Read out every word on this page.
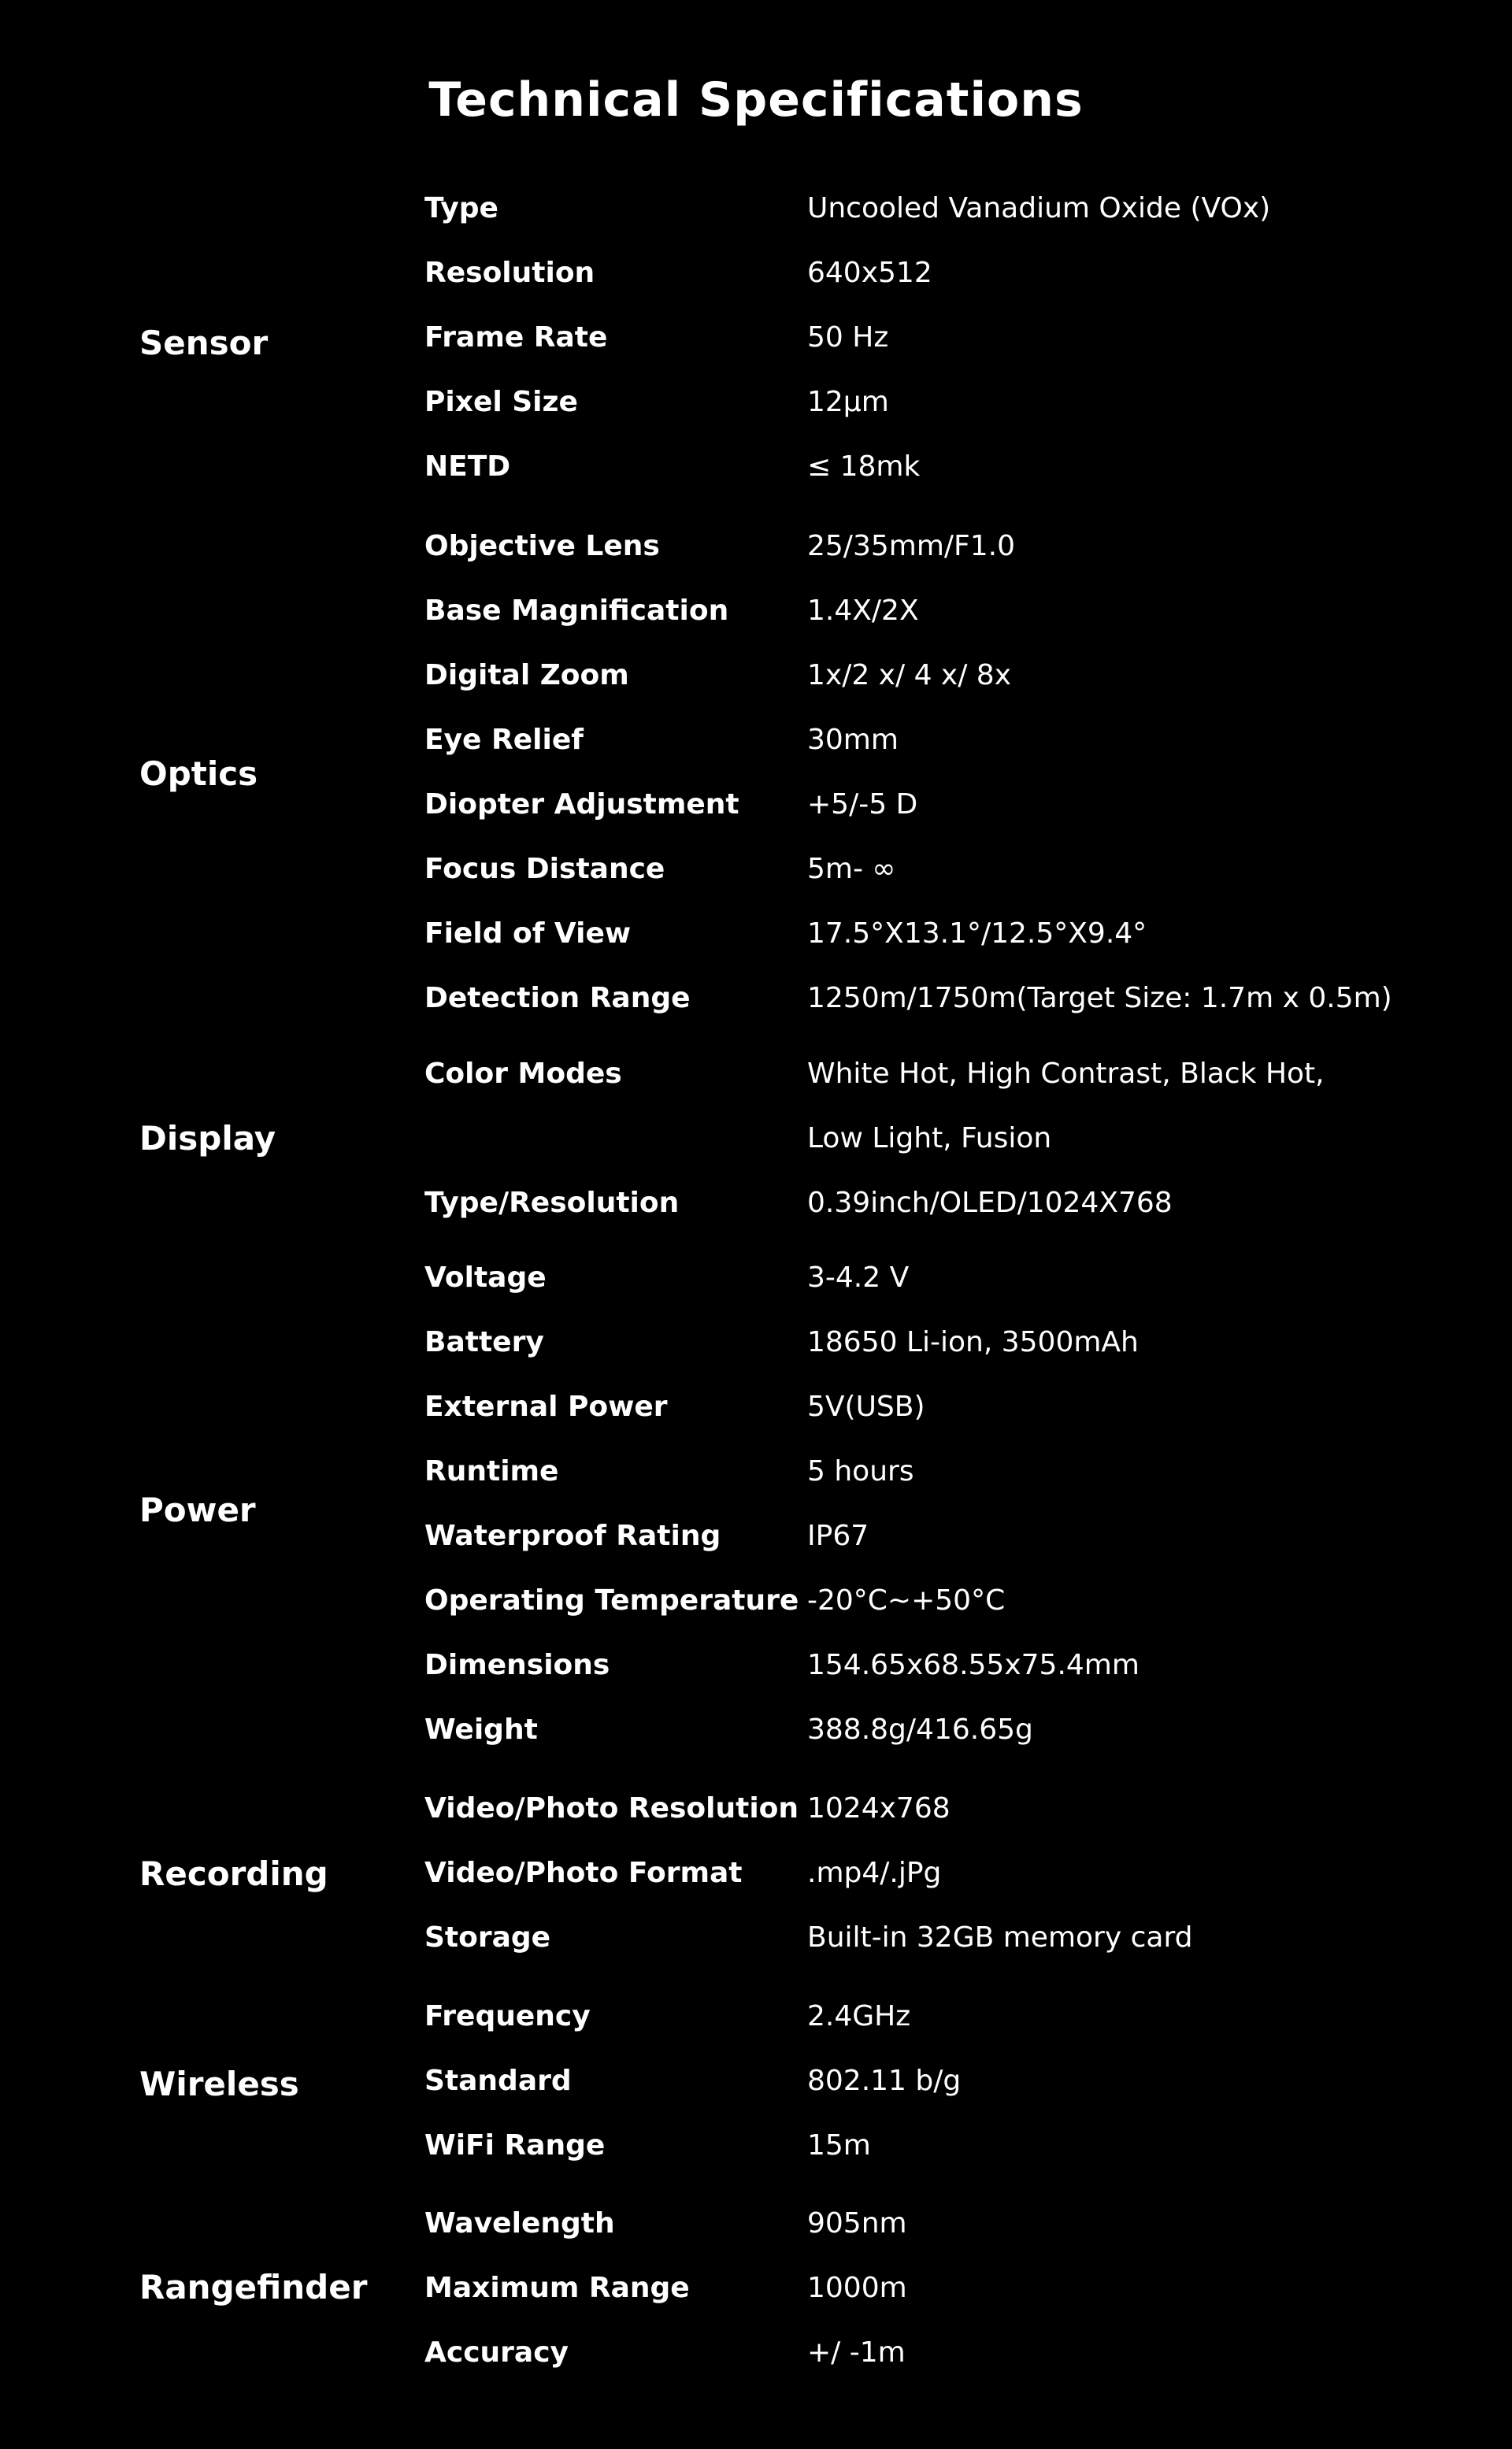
Technical Specifications
Sensor
Type	Uncooled Vanadium Oxide (VOx)
Resolution	640x512
Frame Rate	50 Hz
Pixel Size	12μm
NETD	≤ 18mk
Optics
Objective Lens	25/35mm/F1.0
Base Magnification	1.4X/2X
Digital Zoom	1x/2 x/ 4 x/ 8x
Eye Relief	30mm
Diopter Adjustment +5/-5 D
Focus Distance	5m- ∞
Field of View	17.5°X13.1°/12.5°X9.4°
Detection Range	1250m/1750m(Target Size: 1.7m x 0.5m)
Display
Color Modes	White Hot, High Contrast, Black Hot,
Low Light, Fusion
Type/Resolution	0.39inch/OLED/1024X768
Power
Voltage	3-4.2 V
Battery	18650 Li-ion, 3500mAh
External Power	5V(USB)
Runtime	5 hours
Waterproof Rating	IP67
Operating Temperature -20°C~+50°C
Dimensions	154.65x68.55x75.4mm
Weight	388.8g/416.65g
Recording
Video/Photo Resolution 1024x768
Video/Photo Format .mp4/.jPg
Storage	Built-in 32GB memory card
Wireless
Frequency	2.4GHz
Standard	802.11 b/g
WiFi Range	15m
Rangefinder
Wavelength	905nm
Maximum Range	1000m
Accuracy	+/ -1m
